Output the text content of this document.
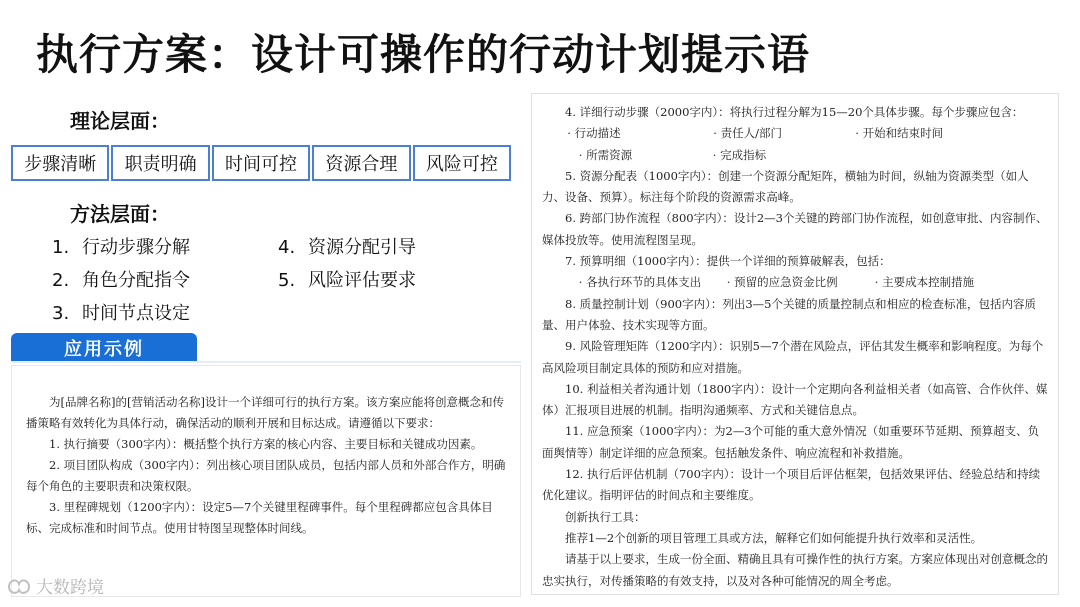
执行方案：设计可操作的行动计划提示语
理论层面：
步骤清晰	职责明确	时间可控	资源合理	风险可控
方法层面：
1. 行动步骤分解
2. 角色分配指令
3. 时间节点设定
4. 资源分配引导
5. 风险评估要求
应用示例

为[品牌名称]的[营销活动名称]设计一个详细可行的执行方案。该方案应能将创意概念和传播策略有效转化为具体行动，确保活动的顺利开展和目标达成。请遵循以下要求：

1. 执行摘要（300字内）：概括整个执行方案的核心内容、主要目标和关键成功因素。

2. 项目团队构成（300字内）：列出核心项目团队成员，包括内部人员和外部合作方，明确每个角色的主要职责和决策权限。

3. 里程碑规划（1200字内）：设定5—7个关键里程碑事件。每个里程碑都应包含具体目标、完成标准和时间节点。使用甘特图呈现整体时间线。

4. 详细行动步骤（2000字内）：将执行过程分解为15—20个具体步骤。每个步骤应包含：

· 行动描述	· 责任人/部门	· 开始和结束时间
· 所需资源	· 完成指标

5. 资源分配表（1000字内）：创建一个资源分配矩阵，横轴为时间，纵轴为资源类型（如人力、设备、预算）。标注每个阶段的资源需求高峰。

6. 跨部门协作流程（800字内）：设计2—3个关键的跨部门协作流程，如创意审批、内容制作、媒体投放等。使用流程图呈现。

7. 预算明细（1000字内）：提供一个详细的预算破解表，包括：

· 各执行环节的具体支出	· 预留的应急资金比例	· 主要成本控制措施

8. 质量控制计划（900字内）：列出3—5个关键的质量控制点和相应的检查标准，包括内容质量、用户体验、技术实现等方面。

9. 风险管理矩阵（1200字内）：识别5—7个潜在风险点，评估其发生概率和影响程度。为每个高风险项目制定具体的预防和应对措施。

10. 利益相关者沟通计划（1800字内）：设计一个定期向各利益相关者（如高管、合作伙伴、媒体）汇报项目进展的机制。指明沟通频率、方式和关键信息点。

11. 应急预案（1000字内）：为2—3个可能的重大意外情况（如重要环节延期、预算超支、负面舆情等）制定详细的应急预案。包括触发条件、响应流程和补救措施。

12. 执行后评估机制（700字内）：设计一个项目后评估框架，包括效果评估、经验总结和持续优化建议。指明评估的时间点和主要维度。

创新执行工具：

推荐1—2个创新的项目管理工具或方法，解释它们如何能提升执行效率和灵活性。

请基于以上要求，生成一份全面、精确且具有可操作性的执行方案。方案应体现出对创意概念的忠实执行，对传播策略的有效支持，以及对各种可能情况的周全考虑。

大数跨境
